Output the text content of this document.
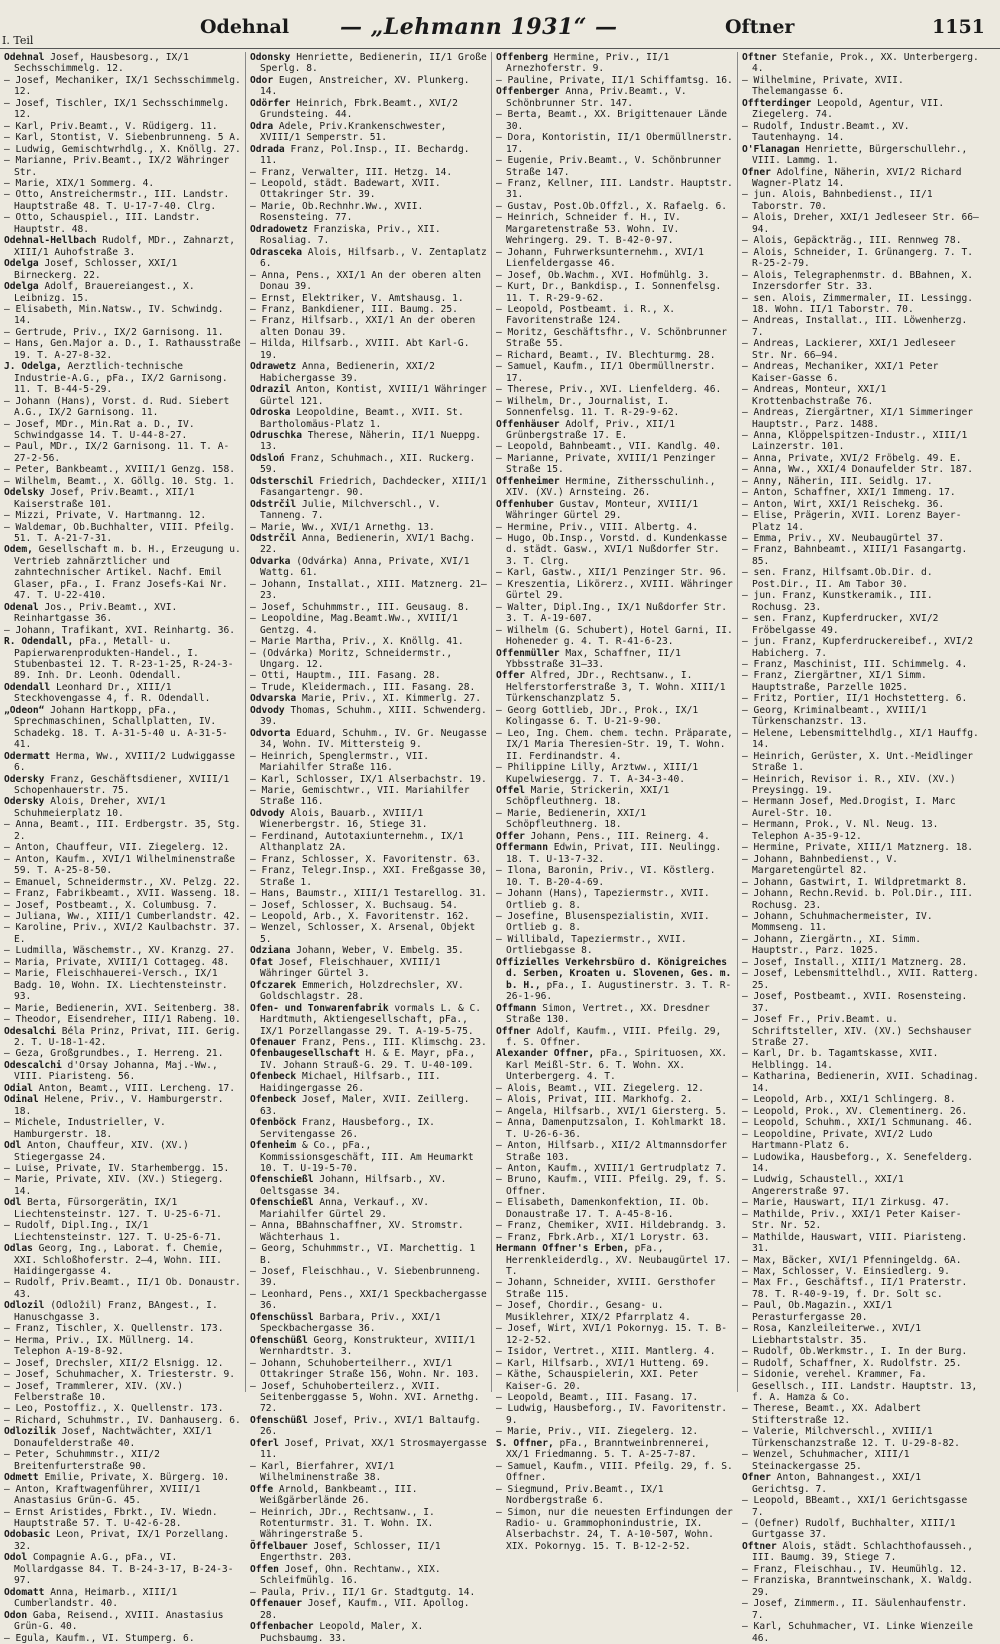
Odehnal — „Lehmann 1931“ —	Oftner	1151
I. Teil

Odehnal Josef, Hausbesorg., IX/1 Sechsschimmelg. 12.

— Josef, Mechaniker, IX/1 Sechsschimmelg. 12.

— Josef, Tischler, IX/1 Sechsschimmelg. 12.

— Karl, Priv.Beamt., V. Rüdigerg. 11.

— Karl, Stontist, V. Siebenbrunneng. 5 A.

— Ludwig, Gemischtwrhdlg., X. Knöllg. 27.

— Marianne, Priv.Beamt., IX/2 Währinger Str.

— Marie, XIX/1 Sommerg. 4.

— Otto, Anstreichermstr., III. Landstr. Hauptstraße 48. T. U-17-7-40. Clrg.

— Otto, Schauspiel., III. Landstr. Hauptstr. 48.

Odehnal-Hellbach Rudolf, MDr., Zahnarzt, XIII/1 Auhofstraße 3.

Odelga Josef, Schlosser, XXI/1 Birneckerg. 22.

Odelga Adolf, Brauereiangest., X. Leibnizg. 15.

— Elisabeth, Min.Natsw., IV. Schwindg. 14.

— Gertrude, Priv., IX/2 Garnisong. 11.

— Hans, Gen.Major a. D., I. Rathausstraße 19. T. A-27-8-32.

J. Odelga, Aerztlich-technische Industrie-A.G., pFa., IX/2 Garnisong. 11. T. B-44-5-29.

— Johann (Hans), Vorst. d. Rud. Siebert A.G., IX/2 Garnisong. 11.

— Josef, MDr., Min.Rat a. D., IV. Schwindgasse 14. T. U-44-8-27.

— Paul, MDr., IX/2 Garnisong. 11. T. A-27-2-56.

— Peter, Bankbeamt., XVIII/1 Genzg. 158.

— Wilhelm, Beamt., X. Göllg. 10. Stg. 1.

Odelsky Josef, Priv.Beamt., XII/1 Kaiserstraße 101.

— Mizzi, Private, V. Hartmanng. 12.

— Waldemar, Ob.Buchhalter, VIII. Pfeilg. 51. T. A-21-7-31.

Odem, Gesellschaft m. b. H., Erzeugung u. Vertrieb zahnärztlicher und zahntechnischer Artikel. Nachf. Emil Glaser, pFa., I. Franz Josefs-Kai Nr. 47. T. U-22-410.

Odenal Jos., Priv.Beamt., XVI. Reinhartgasse 36.

— Johann, Trafikant, XVI. Reinhartg. 36.

R. Odendall, pFa., Metall- u. Papierwarenprodukten-Handel., I. Stubenbastei 12. T. R-23-1-25, R-24-3-89. Inh. Dr. Leonh. Odendall.

Odendall Leonhard Dr., XIII/1 Steckhovengasse 4, f. R. Odendall.

„Odeon“ Johann Hartkopp, pFa., Sprechmaschinen, Schallplatten, IV. Schadekg. 18. T. A-31-5-40 u. A-31-5-41.

Odermatt Herma, Ww., XVIII/2 Ludwiggasse 6.

Odersky Franz, Geschäftsdiener, XVIII/1 Schopenhauerstr. 75.

Odersky Alois, Dreher, XVI/1 Schuhmeierplatz 10.

— Anna, Beamt., III. Erdbergstr. 35, Stg. 2.

— Anton, Chauffeur, VII. Ziegelerg. 12.

— Anton, Kaufm., XVI/1 Wilhelminenstraße 59. T. A-25-8-50.

— Emanuel, Schneidermstr., XV. Pelzg. 22.

— Franz, Fabrikbeamt., XVII. Wasseng. 18.

— Josef, Postbeamt., X. Columbusg. 7.

— Juliana, Ww., XIII/1 Cumberlandstr. 42.

— Karoline, Priv., XVI/2 Kaulbachstr. 37. E.

— Ludmilla, Wäschemstr., XV. Kranzg. 27.

— Maria, Private, XVIII/1 Cottageg. 48.

— Marie, Fleischhauerei-Versch., IX/1 Badg. 10, Wohn. IX. Liechtensteinstr. 93.

— Marie, Bedienerin, XVI. Seitenberg. 38.

— Theodor, Eisendreher, III/1 Rabeng. 10.

Odesalchi Béla Prinz, Privat, III. Gerig. 2. T. U-18-1-42.

— Geza, Großgrundbes., I. Herreng. 21.

Odescalchi d'Orsay Johanna, Maj.-Ww., VIII. Piaristeng. 56.

Odial Anton, Beamt., VIII. Lercheng. 17.

Odinal Helene, Priv., V. Hamburgerstr. 18.

— Michele, Industrieller, V. Hamburgerstr. 18.

Odl Anton, Chauffeur, XIV. (XV.) Stiegergasse 24.

— Luise, Private, IV. Starhembergg. 15.

— Marie, Private, XIV. (XV.) Stiegerg. 14.

Odl Berta, Fürsorgerätin, IX/1 Liechtensteinstr. 127. T. U-25-6-71.

— Rudolf, Dipl.Ing., IX/1 Liechtensteinstr. 127. T. U-25-6-71.

Odlas Georg, Ing., Laborat. f. Chemie, XXI. Schloßhoferstr. 2—4, Wohn. III. Haidingergasse 4.

— Rudolf, Priv.Beamt., II/1 Ob. Donaustr. 43.

Odlozil (Odložil) Franz, BAngest., I. Hanuschgasse 3.

— Franz, Tischler, X. Quellenstr. 173.

— Herma, Priv., IX. Müllnerg. 14. Telephon A-19-8-92.

— Josef, Drechsler, XII/2 Elsnigg. 12.

— Josef, Schuhmacher, X. Triesterstr. 9.

— Josef, Trammlerer, XIV. (XV.) Felberstraße 10.

— Leo, Postoffiz., X. Quellenstr. 173.

— Richard, Schuhmstr., IV. Danhauserg. 6.

Odlozilik Josef, Nachtwächter, XXI/1 Donaufelderstraße 40.

— Peter, Schuhmmstr., XII/2 Breitenfurterstraße 90.

Odmett Emilie, Private, X. Bürgerg. 10.

— Anton, Kraftwagenführer, XVIII/1 Anastasius Grün-G. 45.

— Ernst Aristides, Fbrkt., IV. Wiedn. Hauptstraße 57. T. U-42-6-28.

Odobasic Leon, Privat, IX/1 Porzellang. 32.

Odol Compagnie A.G., pFa., VI. Mollardgasse 84. T. B-24-3-17, B-24-3-97.

Odomatt Anna, Heimarb., XIII/1 Cumberlandstr. 40.

Odon Gaba, Reisend., XVIII. Anastasius Grün-G. 40.

— Egula, Kaufm., VI. Stumperg. 6.

Odonsky Henriette, Bedienerin, II/1 Große Sperlg. 8.

Odor Eugen, Anstreicher, XV. Plunkerg. 14.

Odörfer Heinrich, Fbrk.Beamt., XVI/2 Grundsteing. 44.

Odra Adele, Priv.Krankenschwester, XVIII/1 Semperstr. 51.

Odrada Franz, Pol.Insp., II. Bechardg. 11.

— Franz, Verwalter, III. Hetzg. 14.

— Leopold, städt. Badewart, XVII. Ottakringer Str. 39.

— Marie, Ob.Rechnhr.Ww., XVII. Rosensteing. 77.

Odradowetz Franziska, Priv., XII. Rosaliag. 7.

Odrasceka Alois, Hilfsarb., V. Zentaplatz 6.

— Anna, Pens., XXI/1 An der oberen alten Donau 39.

— Ernst, Elektriker, V. Amtshausg. 1.

— Franz, Bankdiener, III. Baumg. 25.

— Franz, Hilfsarb., XXI/1 An der oberen alten Donau 39.

— Hilda, Hilfsarb., XVIII. Abt Karl-G. 19.

Odrawetz Anna, Bedienerin, XXI/2 Habichergasse 39.

Odrazil Anton, Kontist, XVIII/1 Währinger Gürtel 121.

Odroska Leopoldine, Beamt., XVII. St. Bartholomäus-Platz 1.

Odruschka Therese, Näherin, II/1 Nueppg. 13.

Odsloń Franz, Schuhmach., XII. Ruckerg. 59.

Odsterschil Friedrich, Dachdecker, XIII/1 Fasangartengr. 90.

Odstrčil Julie, Milchverschl., V. Tanneng. 7.

— Marie, Ww., XVI/1 Arnethg. 13.

Odstrčil Anna, Bedienerin, XVI/1 Bachg. 22.

Odvarka (Odvárka) Anna, Private, XVI/1 Wattg. 61.

— Johann, Installat., XIII. Matznerg. 21—23.

— Josef, Schuhmmstr., III. Geusaug. 8.

— Leopoldine, Mag.Beamt.Ww., XVIII/1 Gentzg. 4.

— Marie Martha, Priv., X. Knöllg. 41.

— (Odvárka) Moritz, Schneidermstr., Ungarg. 12.

— Otti, Hauptm., III. Fasang. 28.

— Trude, Kleidermach., III. Fasang. 28.

Odvarska Marie, Priv., XI. Kimmerlg. 27.

Odvody Thomas, Schuhm., XIII. Schwenderg. 39.

Odvorta Eduard, Schuhm., IV. Gr. Neugasse 34, Wohn. IV. Mittersteig 9.

— Heinrich, Spenglermstr., VII. Mariahilfer Straße 116.

— Karl, Schlosser, IX/1 Alserbachstr. 19.

— Marie, Gemischtwr., VII. Mariahilfer Straße 116.

Odvody Alois, Bauarb., XVIII/1 Wienerbergstr. 16, Stiege 31.

— Ferdinand, Autotaxiunternehm., IX/1 Althanplatz 2A.

— Franz, Schlosser, X. Favoritenstr. 63.

— Franz, Telegr.Insp., XXI. Freßgasse 30, Straße 1.

— Hans, Baumstr., XIII/1 Testarellog. 31.

— Josef, Schlosser, X. Buchsaug. 54.

— Leopold, Arb., X. Favoritenstr. 162.

— Wenzel, Schlosser, X. Arsenal, Objekt 5.

Odziana Johann, Weber, V. Embelg. 35.

Ofat Josef, Fleischhauer, XVIII/1 Währinger Gürtel 3.

Ofczarek Emmerich, Holzdrechsler, XV. Goldschlagstr. 28.

Ofen- und Tonwarenfabrik vormals L. & C. Hardtmuth, Aktiengesellschaft, pFa., IX/1 Porzellangasse 29. T. A-19-5-75.

Ofenauer Franz, Pens., III. Klimschg. 23.

Ofenbaugesellschaft H. & E. Mayr, pFa., IV. Johann Strauß-G. 29. T. U-40-109.

Ofenbeck Michael, Hilfsarb., III. Haidingergasse 26.

Ofenbeck Josef, Maler, XVII. Zeillerg. 63.

Ofenböck Franz, Hausbeforg., IX. Servitengasse 26.

Ofenheim & Co., pFa., Kommissionsgeschäft, III. Am Heumarkt 10. T. U-19-5-70.

Ofenschießl Johann, Hilfsarb., XV. Oeltsgasse 34.

Ofenschießl Anna, Verkauf., XV. Mariahilfer Gürtel 29.

— Anna, BBahnschaffner, XV. Stromstr. Wächterhaus 1.

— Georg, Schuhmmstr., VI. Marchettig. 1 B.

— Josef, Fleischhau., V. Siebenbrunneng. 39.

— Leonhard, Pens., XXI/1 Speckbachergasse 36.

Ofenschüssl Barbara, Priv., XXI/1 Speckbachergasse 36.

Ofenschüßl Georg, Konstrukteur, XVIII/1 Wernhardtstr. 3.

— Johann, Schuhoberteilherr., XVI/1 Ottakringer Straße 156, Wohn. Nr. 103.

— Josef, Schuhoberteilerz., XVII. Seitenberggasse 5, Wohn. XVI. Arnethg. 72.

Ofenschüßl Josef, Priv., XVI/1 Baltaufg. 26.

Oferl Josef, Privat, XX/1 Strosmayergasse 11.

— Karl, Bierfahrer, XVI/1 Wilhelminenstraße 38.

Offe Arnold, Bankbeamt., III. Weißgärberlände 26.

— Heinrich, JDr., Rechtsanw., I. Rotenturmstr. 31. T. Wohn. IX. Währingerstraße 5.

Öffelbauer Josef, Schlosser, II/1 Engerthstr. 203.

Offen Josef, Ohn. Rechtanw., XIX. Schleifmühlg. 16.

— Paula, Priv., II/1 Gr. Stadtgutg. 14.

Offenauer Josef, Kaufm., VII. Apollog. 28.

Offenbacher Leopold, Maler, X. Puchsbaumg. 33.

Offenberg Hermine, Priv., II/1 Arnezhoferstr. 9.

— Pauline, Private, II/1 Schiffamtsg. 16.

Offenberger Anna, Priv.Beamt., V. Schönbrunner Str. 147.

— Berta, Beamt., XX. Brigittenauer Lände 30.

— Dora, Kontoristin, II/1 Obermüllnerstr. 17.

— Eugenie, Priv.Beamt., V. Schönbrunner Straße 147.

— Franz, Kellner, III. Landstr. Hauptstr. 31.

— Gustav, Post.Ob.Offzl., X. Rafaelg. 6.

— Heinrich, Schneider f. H., IV. Margaretenstraße 53. Wohn. IV. Wehringerg. 29. T. B-42-0-97.

— Johann, Fuhrwerksunternehm., XVI/1 Lienfeldergasse 46.

— Josef, Ob.Wachm., XVI. Hofmühlg. 3.

— Kurt, Dr., Bankdisp., I. Sonnenfelsg. 11. T. R-29-9-62.

— Leopold, Postbeamt. i. R., X. Favoritenstraße 124.

— Moritz, Geschäftsfhr., V. Schönbrunner Straße 55.

— Richard, Beamt., IV. Blechturmg. 28.

— Samuel, Kaufm., II/1 Obermüllnerstr. 17.

— Therese, Priv., XVI. Lienfelderg. 46.

— Wilhelm, Dr., Journalist, I. Sonnenfelsg. 11. T. R-29-9-62.

Offenhäuser Adolf, Priv., XII/1 Grünbergstraße 17. E.

— Leopold, Bahnbeamt., VII. Kandlg. 40.

— Marianne, Private, XVIII/1 Penzinger Straße 15.

Offenheimer Hermine, Zithersschulinh., XIV. (XV.) Arnsteing. 26.

Offenhuber Gustav, Monteur, XVIII/1 Währinger Gürtel 29.

— Hermine, Priv., VIII. Albertg. 4.

— Hugo, Ob.Insp., Vorstd. d. Kundenkasse d. städt. Gasw., XVI/1 Nußdorfer Str. 3. T. Clrg.

— Karl, Gastw., XII/1 Penzinger Str. 96.

— Kreszentia, Likörerz., XVIII. Währinger Gürtel 29.

— Walter, Dipl.Ing., IX/1 Nußdorfer Str. 3. T. A-19-607.

— Wilhelm (G. Schubert), Hotel Garni, II. Hoheneder g. 4. T. R-41-6-23.

Offenmüller Max, Schaffner, II/1 Ybbsstraße 31—33.

Offer Alfred, JDr., Rechtsanw., I. Helferstorferstraße 3, T. Wohn. XIII/1 Türkenschanzplatz 5.

— Georg Gottlieb, JDr., Prok., IX/1 Kolingasse 6. T. U-21-9-90.

— Leo, Ing. Chem. chem. techn. Präparate, IX/1 Maria Theresien-Str. 19, T. Wohn. II. Ferdinandstr. 4.

— Philippine Lilly, Arztww., XIII/1 Kupelwiesergg. 7. T. A-34-3-40.

Offel Marie, Strickerin, XXI/1 Schöpfleuthnerg. 18.

— Marie, Bedienerin, XXI/1 Schöpfleuthnerg. 18.

Offer Johann, Pens., III. Reinerg. 4.

Offermann Edwin, Privat, III. Neulingg. 18. T. U-13-7-32.

— Ilona, Baronin, Priv., VI. Köstlerg. 10. T. B-20-4-69.

— Johann (Hans), Tapeziermstr., XVII. Ortlieb g. 8.

— Josefine, Blusenspezialistin, XVII. Ortlieb g. 8.

— Willibald, Tapeziermstr., XVII. Ortliebgasse 8.

Offizielles Verkehrsbüro d. Königreiches d. Serben, Kroaten u. Slovenen, Ges. m. b. H., pFa., I. Augustinerstr. 3. T. R-26-1-96.

Offmann Simon, Vertret., XX. Dresdner Straße 130.

Offner Adolf, Kaufm., VIII. Pfeilg. 29, f. S. Offner.

Alexander Offner, pFa., Spirituosen, XX. Karl Meißl-Str. 6. T. Wohn. XX. Unterbergerg. 4. T.

— Alois, Beamt., VII. Ziegelerg. 12.

— Alois, Privat, III. Markhofg. 2.

— Angela, Hilfsarb., XVI/1 Giersterg. 5.

— Anna, Damenputzsalon, I. Kohlmarkt 18. T. U-26-6-36.

— Anton, Hilfsarb., XII/2 Altmannsdorfer Straße 103.

— Anton, Kaufm., XVIII/1 Gertrudplatz 7.

— Bruno, Kaufm., VIII. Pfeilg. 29, f. S. Offner.

— Elisabeth, Damenkonfektion, II. Ob. Donaustraße 17. T. A-45-8-16.

— Franz, Chemiker, XVII. Hildebrandg. 3.

— Franz, Fbrk.Arb., XI/1 Lorystr. 63.

Hermann Offner's Erben, pFa., Herrenkleiderdlg., XV. Neubaugürtel 17. T.

— Johann, Schneider, XVIII. Gersthofer Straße 115.

— Josef, Chordir., Gesang- u. Musiklehrer, XIX/2 Pfarrplatz 4.

— Josef, Wirt, XVI/1 Pokornyg. 15. T. B-12-2-52.

— Isidor, Vertret., XIII. Mantlerg. 4.

— Karl, Hilfsarb., XVI/1 Hutteng. 69.

— Käthe, Schauspielerin, XXI. Peter Kaiser-G. 20.

— Leopold, Beamt., III. Fasang. 17.

— Ludwig, Hausbeforg., IV. Favoritenstr. 9.

— Marie, Priv., VII. Ziegelerg. 12.

S. Offner, pFa., Branntweinbrennerei, XX/1 Friedmanng. 5. T. A-25-7-87.

— Samuel, Kaufm., VIII. Pfeilg. 29, f. S. Offner.

— Siegmund, Priv.Beamt., IX/1 Nordbergstraße 6.

— Simon, nur die neuesten Erfindungen der Radio- u. Grammophonindustrie, IX. Alserbachstr. 24, T. A-10-507, Wohn. XIX. Pokornyg. 15. T. B-12-2-52.

Oftner Stefanie, Prok., XX. Unterbergerg. 4.

— Wilhelmine, Private, XVII. Thelemangasse 6.

Offterdinger Leopold, Agentur, VII. Ziegelerg. 74.

— Rudolf, Industr.Beamt., XV. Tautenhayng. 14.

O'Flanagan Henriette, Bürgerschullehr., VIII. Lammg. 1.

Ofner Adolfine, Näherin, XVI/2 Richard Wagner-Platz 14.

— jun. Alois, Bahnbedienst., II/1 Taborstr. 70.

— Alois, Dreher, XXI/1 Jedleseer Str. 66—94.

— Alois, Gepäckträg., III. Rennweg 78.

— Alois, Schneider, I. Grünangerg. 7. T. R-25-2-79.

— Alois, Telegraphenmstr. d. BBahnen, X. Inzersdorfer Str. 33.

— sen. Alois, Zimmermaler, II. Lessingg. 18. Wohn. II/1 Taborstr. 70.

— Andreas, Installat., III. Löwenherzg. 7.

— Andreas, Lackierer, XXI/1 Jedleseer Str. Nr. 66—94.

— Andreas, Mechaniker, XXI/1 Peter Kaiser-Gasse 6.

— Andreas, Monteur, XXI/1 Krottenbachstraße 76.

— Andreas, Ziergärtner, XI/1 Simmeringer Hauptstr., Parz. 1488.

— Anna, Klöppelspitzen-Industr., XIII/1 Lainzerstr. 101.

— Anna, Private, XVI/2 Fröbelg. 49. E.

— Anna, Ww., XXI/4 Donaufelder Str. 187.

— Anny, Näherin, III. Seidlg. 17.

— Anton, Schaffner, XXI/1 Immeng. 17.

— Anton, Wirt, XXI/1 Reischekg. 36.

— Elise, Prägerin, XVII. Lorenz Bayer-Platz 14.

— Emma, Priv., XV. Neubaugürtel 37.

— Franz, Bahnbeamt., XIII/1 Fasangartg. 85.

— sen. Franz, Hilfsamt.Ob.Dir. d. Post.Dir., II. Am Tabor 30.

— jun. Franz, Kunstkeramik., III. Rochusg. 23.

— sen. Franz, Kupferdrucker, XVI/2 Fröbelgasse 49.

— jun. Franz, Kupferdruckereibef., XVI/2 Habicherg. 7.

— Franz, Maschinist, III. Schimmelg. 4.

— Franz, Ziergärtner, XI/1 Simm. Hauptstraße, Parzelle 1025.

— Fritz, Portier, II/1 Hochstetterg. 6.

— Georg, Kriminalbeamt., XVIII/1 Türkenschanzstr. 13.

— Helene, Lebensmittelhdlg., XI/1 Hauffg. 14.

— Heinrich, Gerüster, X. Unt.-Meidlinger Straße 1.

— Heinrich, Revisor i. R., XIV. (XV.) Preysingg. 19.

— Hermann Josef, Med.Drogist, I. Marc Aurel-Str. 10.

— Hermann, Prok., V. Nl. Neug. 13. Telephon A-35-9-12.

— Hermine, Private, XIII/1 Matznerg. 18.

— Johann, Bahnbedienst., V. Margaretengürtel 82.

— Johann, Gastwirt, I. Wildpretmarkt 8.

— Johann, Rechn.Revid. b. Pol.Dir., III. Rochusg. 23.

— Johann, Schuhmachermeister, IV. Mommseng. 11.

— Johann, Ziergärtn., XI. Simm. Hauptstr., Parz. 1025.

— Josef, Install., XIII/1 Matznerg. 28.

— Josef, Lebensmittelhdl., XVII. Ratterg. 25.

— Josef, Postbeamt., XVII. Rosensteing. 37.

— Josef Fr., Priv.Beamt. u. Schriftsteller, XIV. (XV.) Sechshauser Straße 27.

— Karl, Dr. b. Tagamtskasse, XVII. Helblingg. 14.

— Katharina, Bedienerin, XVII. Schadinag. 14.

— Leopold, Arb., XXI/1 Schlingerg. 8.

— Leopold, Prok., XV. Clementinerg. 26.

— Leopold, Schuhm., XXI/1 Schmunang. 46.

— Leopoldine, Private, XVI/2 Ludo Hartmann-Platz 6.

— Ludowika, Hausbeforg., X. Senefelderg. 14.

— Ludwig, Schaustell., XXI/1 Angererstraße 97.

— Marie, Hauswart, II/1 Zirkusg. 47.

— Mathilde, Priv., XXI/1 Peter Kaiser-Str. Nr. 52.

— Mathilde, Hauswart, VIII. Piaristeng. 31.

— Max, Bäcker, XVI/1 Pfenningeldg. 6A.

— Max, Schlosser, V. Einsiedlerg. 9.

— Max Fr., Geschäftsf., II/1 Praterstr. 78. T. R-40-9-19, f. Dr. Solt sc.

— Paul, Ob.Magazin., XXI/1 Perasturfergasse 20.

— Rosa, Kanzleileiterwe., XVI/1 Liebhartstalstr. 35.

— Rudolf, Ob.Werkmstr., I. In der Burg.

— Rudolf, Schaffner, X. Rudolfstr. 25.

— Sidonie, verehel. Krammer, Fa. Gesellsch., III. Landstr. Hauptstr. 13, f. A. Hamza & Co.

— Therese, Beamt., XX. Adalbert Stifterstraße 12.

— Valerie, Milchverschl., XVIII/1 Türkenschanzstraße 12. T. U-29-8-82.

— Wenzel, Schuhmacher, XIII/1 Steinackergasse 25.

Ofner Anton, Bahnangest., XXI/1 Gerichtsg. 7.

— Leopold, BBeamt., XXI/1 Gerichtsgasse 7.

— (Oefner) Rudolf, Buchhalter, XIII/1 Gurtgasse 37.

Oftner Alois, städt. Schlachthofausseh., III. Baumg. 39, Stiege 7.

— Franz, Fleischhau., IV. Heumühlg. 12.

— Franziska, Branntweinschank, X. Waldg. 29.

— Josef, Zimmerm., II. Säulenhaufenstr. 7.

— Karl, Schuhmacher, VI. Linke Wienzeile 46.
